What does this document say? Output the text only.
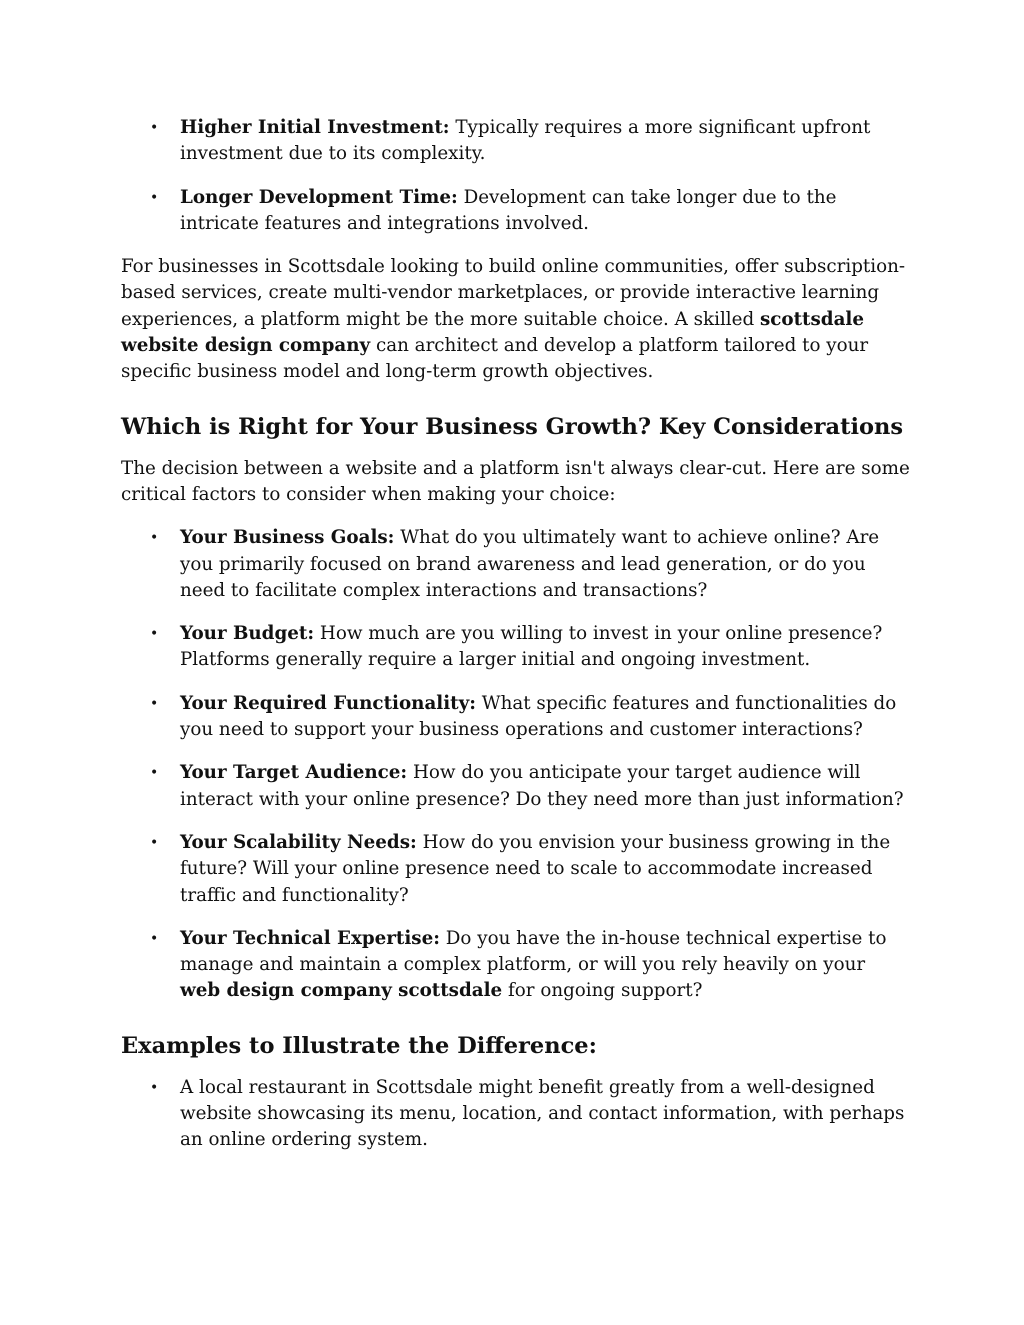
• Higher Initial Investment: Typically requires a more significant upfront investment due to its complexity.
• Longer Development Time: Development can take longer due to the intricate features and integrations involved.

For businesses in Scottsdale looking to build online communities, offer subscription-based services, create multi-vendor marketplaces, or provide interactive learning experiences, a platform might be the more suitable choice. A skilled scottsdale website design company can architect and develop a platform tailored to your specific business model and long-term growth objectives.

Which is Right for Your Business Growth? Key Considerations

The decision between a website and a platform isn't always clear-cut. Here are some critical factors to consider when making your choice:

• Your Business Goals: What do you ultimately want to achieve online? Are you primarily focused on brand awareness and lead generation, or do you need to facilitate complex interactions and transactions?
• Your Budget: How much are you willing to invest in your online presence? Platforms generally require a larger initial and ongoing investment.
• Your Required Functionality: What specific features and functionalities do you need to support your business operations and customer interactions?
• Your Target Audience: How do you anticipate your target audience will interact with your online presence? Do they need more than just information?
• Your Scalability Needs: How do you envision your business growing in the future? Will your online presence need to scale to accommodate increased traffic and functionality?
• Your Technical Expertise: Do you have the in-house technical expertise to manage and maintain a complex platform, or will you rely heavily on your web design company scottsdale for ongoing support?
Examples to Illustrate the Difference:
• A local restaurant in Scottsdale might benefit greatly from a well-designed website showcasing its menu, location, and contact information, with perhaps an online ordering system.
